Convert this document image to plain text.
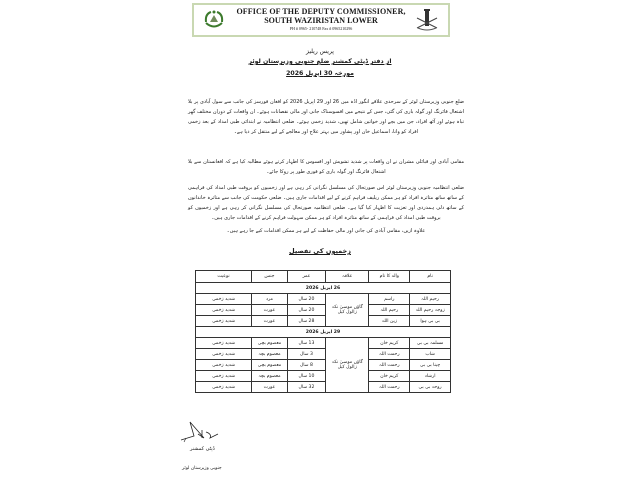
OFFICE OF THE DEPUTY COMMISSIONER,
SOUTH WAZIRISTAN LOWER
PH # 0965- 210748 Fax # 0965210296
پریس ریلیز
از دفتر ڈپٹی کمشنر ضلع جنوبی وزیرستان لوئر
مورخہ 30 اپریل 2026
ضلع جنوبی وزیرستان لوئر کے سرحدی علاقے انگور اڈہ میں 26 اور 29 اپریل 2026 کو افغان فورسز کی جانب سے سول آبادی پر بلا اشتعال فائرنگ اور گولہ باری کی گئی، جس کے نتیجے میں افسوسناک جانی اور مالی نقصانات ہوئے۔ ان واقعات کے دوران مختلف گھر تباہ ہوئے اور آٹھ افراد، جن میں بچے اور خواتین شامل تھیں، شدید زخمی ہوئے۔ ضلعی انتظامیہ نے ابتدائی طبی امداد کے بعد زخمی افراد کو وانا، اسماعیل خان اور پشاور میں بہتر علاج اور معالجے کے لیے منتقل کر دیا ہے۔
مقامی آبادی اور قبائلی مشران نے ان واقعات پر شدید تشویش اور افسوس کا اظہار کرتے ہوئے مطالبہ کیا ہے کہ افغانستان سے بلا اشتعال فائرنگ اور گولہ باری کو فوری طور پر روکا جائے۔
ضلعی انتظامیہ جنوبی وزیرستان لوئر اس صورتحال کی مسلسل نگرانی کر رہی ہے اور زخمیوں کو بروقت طبی امداد کی فراہمی کے ساتھ ساتھ متاثرہ افراد کو ہر ممکن ریلیف فراہم کرنے کے لیے اقدامات جاری ہیں۔ ضلعی حکومت کی جانب سے متاثرہ خاندانوں کے ساتھ دلی ہمدردی اور تعزیت کا اظہار کیا گیا ہے۔ ضلعی انتظامیہ صورتحال کی مسلسل نگرانی کر رہی ہے اور زخمیوں کو بروقت طبی امداد کی فراہمی کے ساتھ متاثرہ افراد کو ہر ممکن سہولت فراہم کرنے کے اقدامات جاری ہیں۔
علاوہ ازیں، مقامی آبادی کی جانی اور مالی حفاظت کے لیے ہر ممکن اقدامات کیے جا رہے ہیں۔
زخمیوں کی تفصیل
نام	والد کا نام	علاقہ	عمر	جنس	نوعیت
26 اپریل 2026					
رحیم اللہ	راسم	گاؤں موسیٰ نکہ زالول کیل	20 سال	مرد	شدید زخمی
زوجہ رحیم اللہ	رحیم اللہ		20 سال	عورت	شدید زخمی
بی بی ہوا	زین اللہ		28 سال	عورت	شدید زخمی
29 اپریل 2026					
مسلمہ بی بی	کریم خان	گاؤں موسیٰ نکہ زالول کیل	13 سال	معصوم بچی	شدید زخمی
شاب	رحمت اللہ		3 سال	معصوم بچہ	شدید زخمی
چینا بی بی	رحمت اللہ		8 سال	معصوم بچی	شدید زخمی
ارشاد	کریم خان		10 سال	معصوم بچہ	شدید زخمی
روحہ بی بی	رحمت اللہ		32 سال	عورت	شدید زخمی
ڈپٹی کمشنر
جنوبی وزیرستان لوئر
